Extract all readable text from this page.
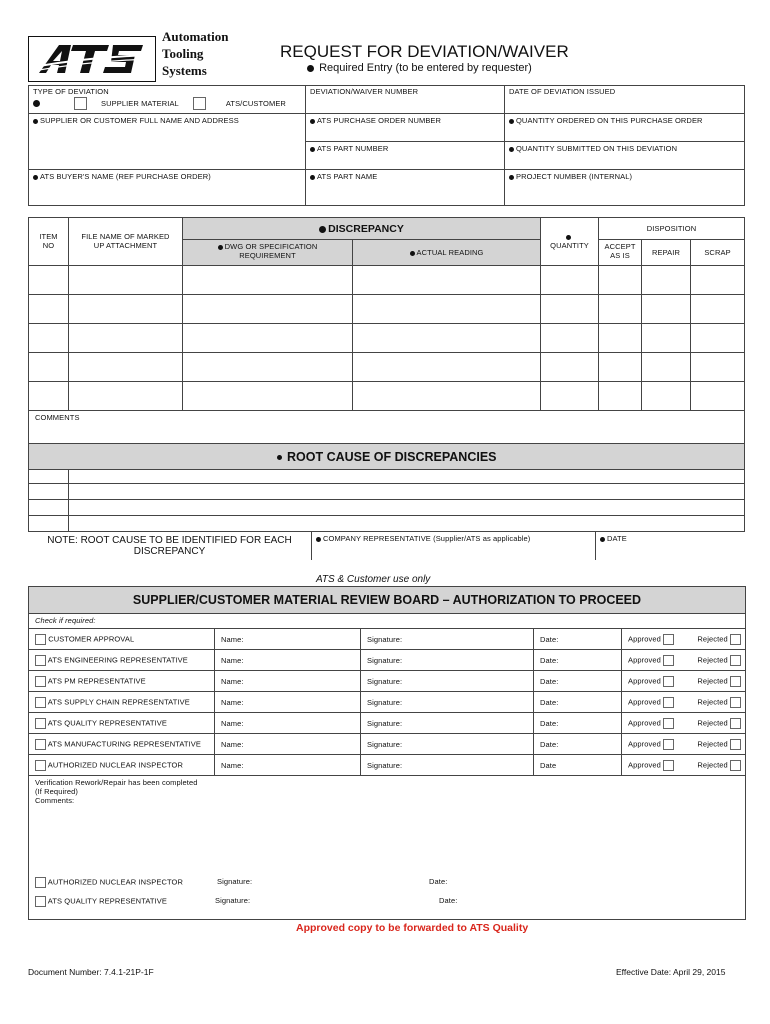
Automation
Tooling
Systems
REQUEST FOR DEVIATION/WAIVER
Required Entry (to be entered by requester)
TYPE OF DEVIATION
SUPPLIER MATERIAL ATS/CUSTOMER	DEVIATION/WAIVER NUMBER	DATE OF DEVIATION ISSUED

SUPPLIER OR CUSTOMER FULL NAME AND ADDRESS	ATS PURCHASE ORDER NUMBER	QUANTITY ORDERED ON THIS PURCHASE ORDER

	ATS PART NUMBER	QUANTITY SUBMITTED ON THIS DEVIATION

ATS BUYER'S NAME (REF PURCHASE ORDER)	ATS PART NAME	PROJECT NUMBER (INTERNAL)
ITEM NO	FILE NAME OF MARKED UP ATTACHMENT	DISCREPANCY		QUANTITY	DISPOSITION		

		DWG OR SPECIFICATION REQUIREMENT	ACTUAL READING		ACCEPT AS IS	REPAIR	SCRAP

COMMENTS							
ROOT CAUSE OF DISCREPANCIES	

NOTE: ROOT CAUSE TO BE IDENTIFIED FOR EACH DISCREPANCY

COMPANY REPRESENTATIVE (Supplier/ATS as applicable)	DATE
ATS & Customer use only
SUPPLIER/CUSTOMER MATERIAL REVIEW BOARD – AUTHORIZATION TO PROCEED
Check if required:
CUSTOMER APPROVAL	Name:	Signature:	Date:	Approved Rejected

ATS ENGINEERING REPRESENTATIVE	Name:	Signature:	Date:	Approved Rejected

ATS PM REPRESENTATIVE	Name:	Signature:	Date:	Approved Rejected

ATS SUPPLY CHAIN REPRESENTATIVE	Name:	Signature:	Date:	Approved Rejected

ATS QUALITY REPRESENTATIVE	Name:	Signature:	Date:	Approved Rejected

ATS MANUFACTURING REPRESENTATIVE	Name:	Signature:	Date:	Approved Rejected

AUTHORIZED NUCLEAR INSPECTOR	Name:	Signature:	Date	Approved Rejected
Verification Rework/Repair has been completed
(If Required)
Comments:
AUTHORIZED NUCLEAR INSPECTOR	Signature:	Date:
ATS QUALITY REPRESENTATIVE	Signature:	Date:
Approved copy to be forwarded to ATS Quality
Document Number: 7.4.1-21P-1F	Effective Date: April 29, 2015
